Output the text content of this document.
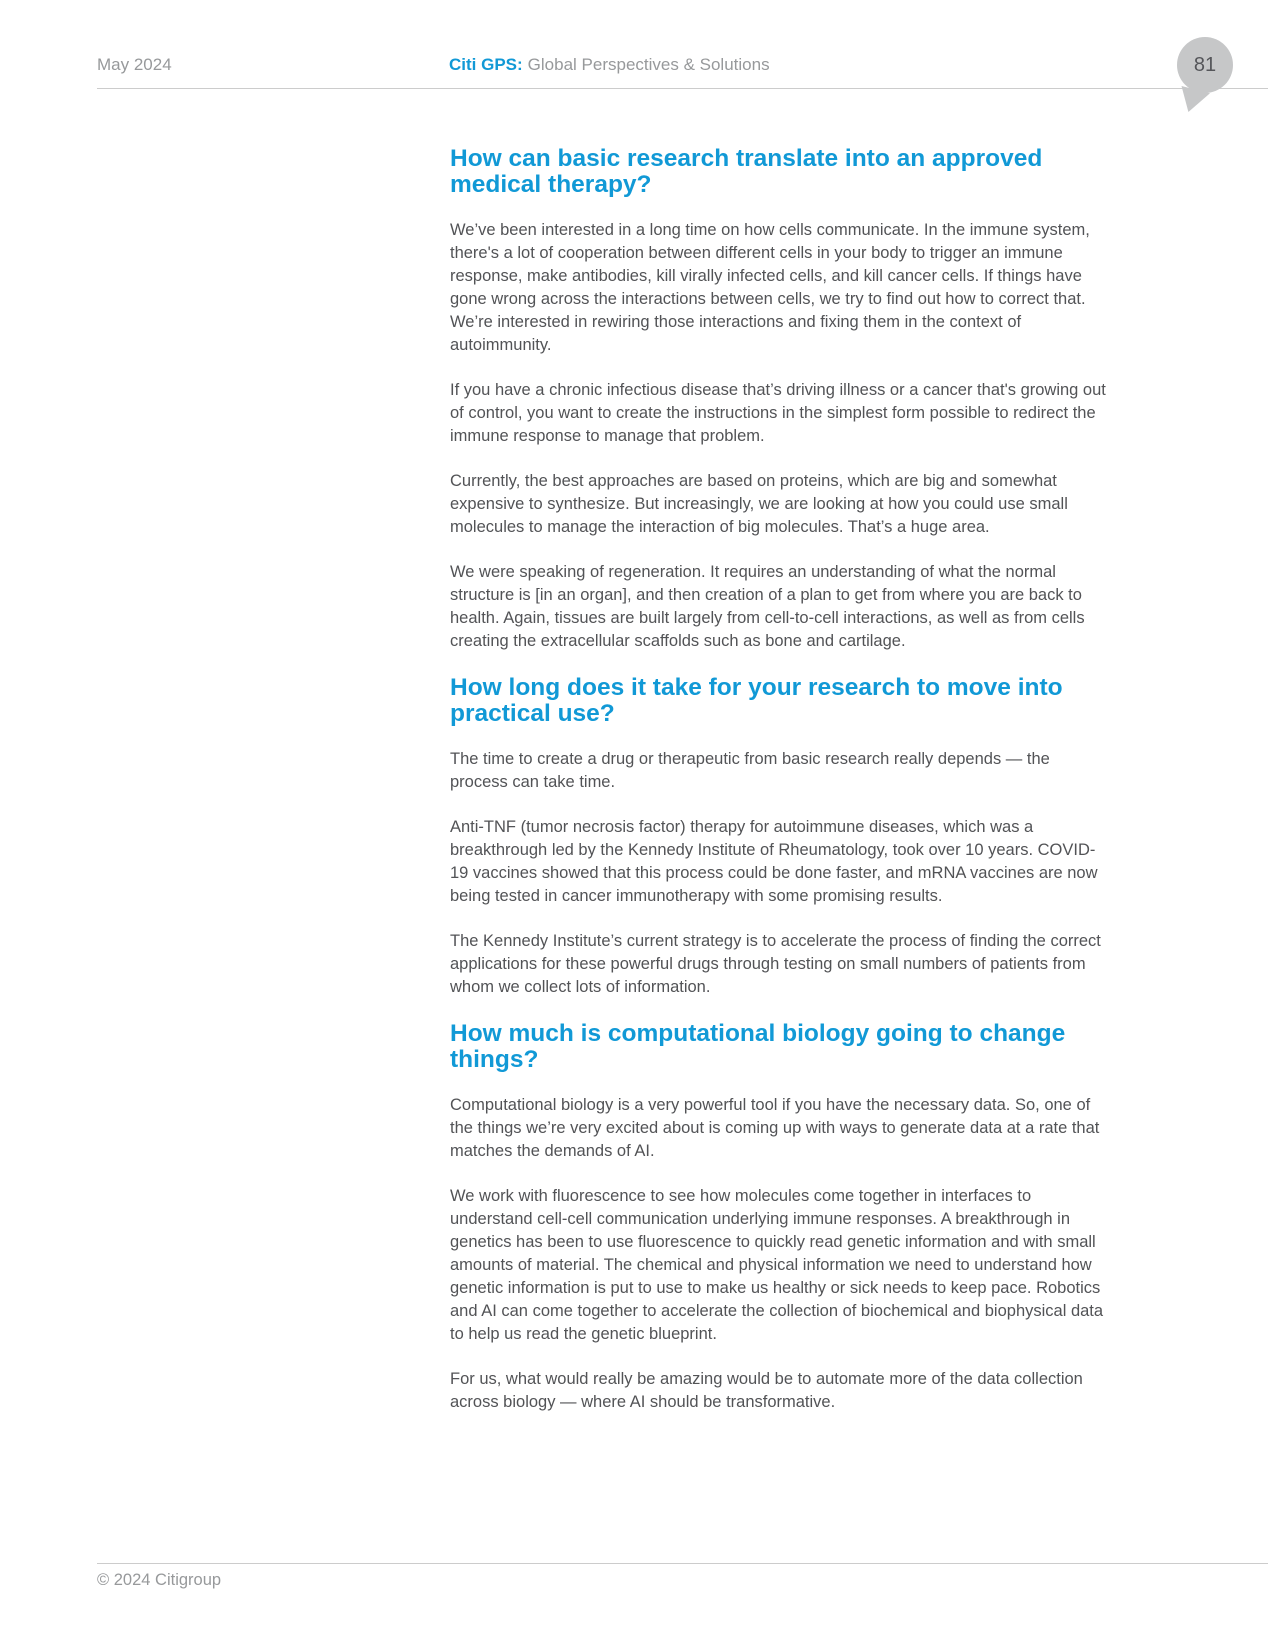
May 2024	Citi GPS: Global Perspectives & Solutions	81
How can basic research translate into an approved medical therapy?

We’ve been interested in a long time on how cells communicate. In the immune system, there's a lot of cooperation between different cells in your body to trigger an immune response, make antibodies, kill virally infected cells, and kill cancer cells. If things have gone wrong across the interactions between cells, we try to find out how to correct that. We’re interested in rewiring those interactions and fixing them in the context of autoimmunity.

If you have a chronic infectious disease that’s driving illness or a cancer that's growing out of control, you want to create the instructions in the simplest form possible to redirect the immune response to manage that problem.

Currently, the best approaches are based on proteins, which are big and somewhat expensive to synthesize. But increasingly, we are looking at how you could use small molecules to manage the interaction of big molecules. That’s a huge area.

We were speaking of regeneration. It requires an understanding of what the normal structure is [in an organ], and then creation of a plan to get from where you are back to health. Again, tissues are built largely from cell-to-cell interactions, as well as from cells creating the extracellular scaffolds such as bone and cartilage.

How long does it take for your research to move into practical use?

The time to create a drug or therapeutic from basic research really depends — the process can take time.

Anti-TNF (tumor necrosis factor) therapy for autoimmune diseases, which was a breakthrough led by the Kennedy Institute of Rheumatology, took over 10 years. COVID-19 vaccines showed that this process could be done faster, and mRNA vaccines are now being tested in cancer immunotherapy with some promising results.

The Kennedy Institute’s current strategy is to accelerate the process of finding the correct applications for these powerful drugs through testing on small numbers of patients from whom we collect lots of information.

How much is computational biology going to change things?

Computational biology is a very powerful tool if you have the necessary data. So, one of the things we’re very excited about is coming up with ways to generate data at a rate that matches the demands of AI.

We work with fluorescence to see how molecules come together in interfaces to understand cell-cell communication underlying immune responses. A breakthrough in genetics has been to use fluorescence to quickly read genetic information and with small amounts of material. The chemical and physical information we need to understand how genetic information is put to use to make us healthy or sick needs to keep pace. Robotics and AI can come together to accelerate the collection of biochemical and biophysical data to help us read the genetic blueprint.

For us, what would really be amazing would be to automate more of the data collection across biology — where AI should be transformative.

© 2024 Citigroup
